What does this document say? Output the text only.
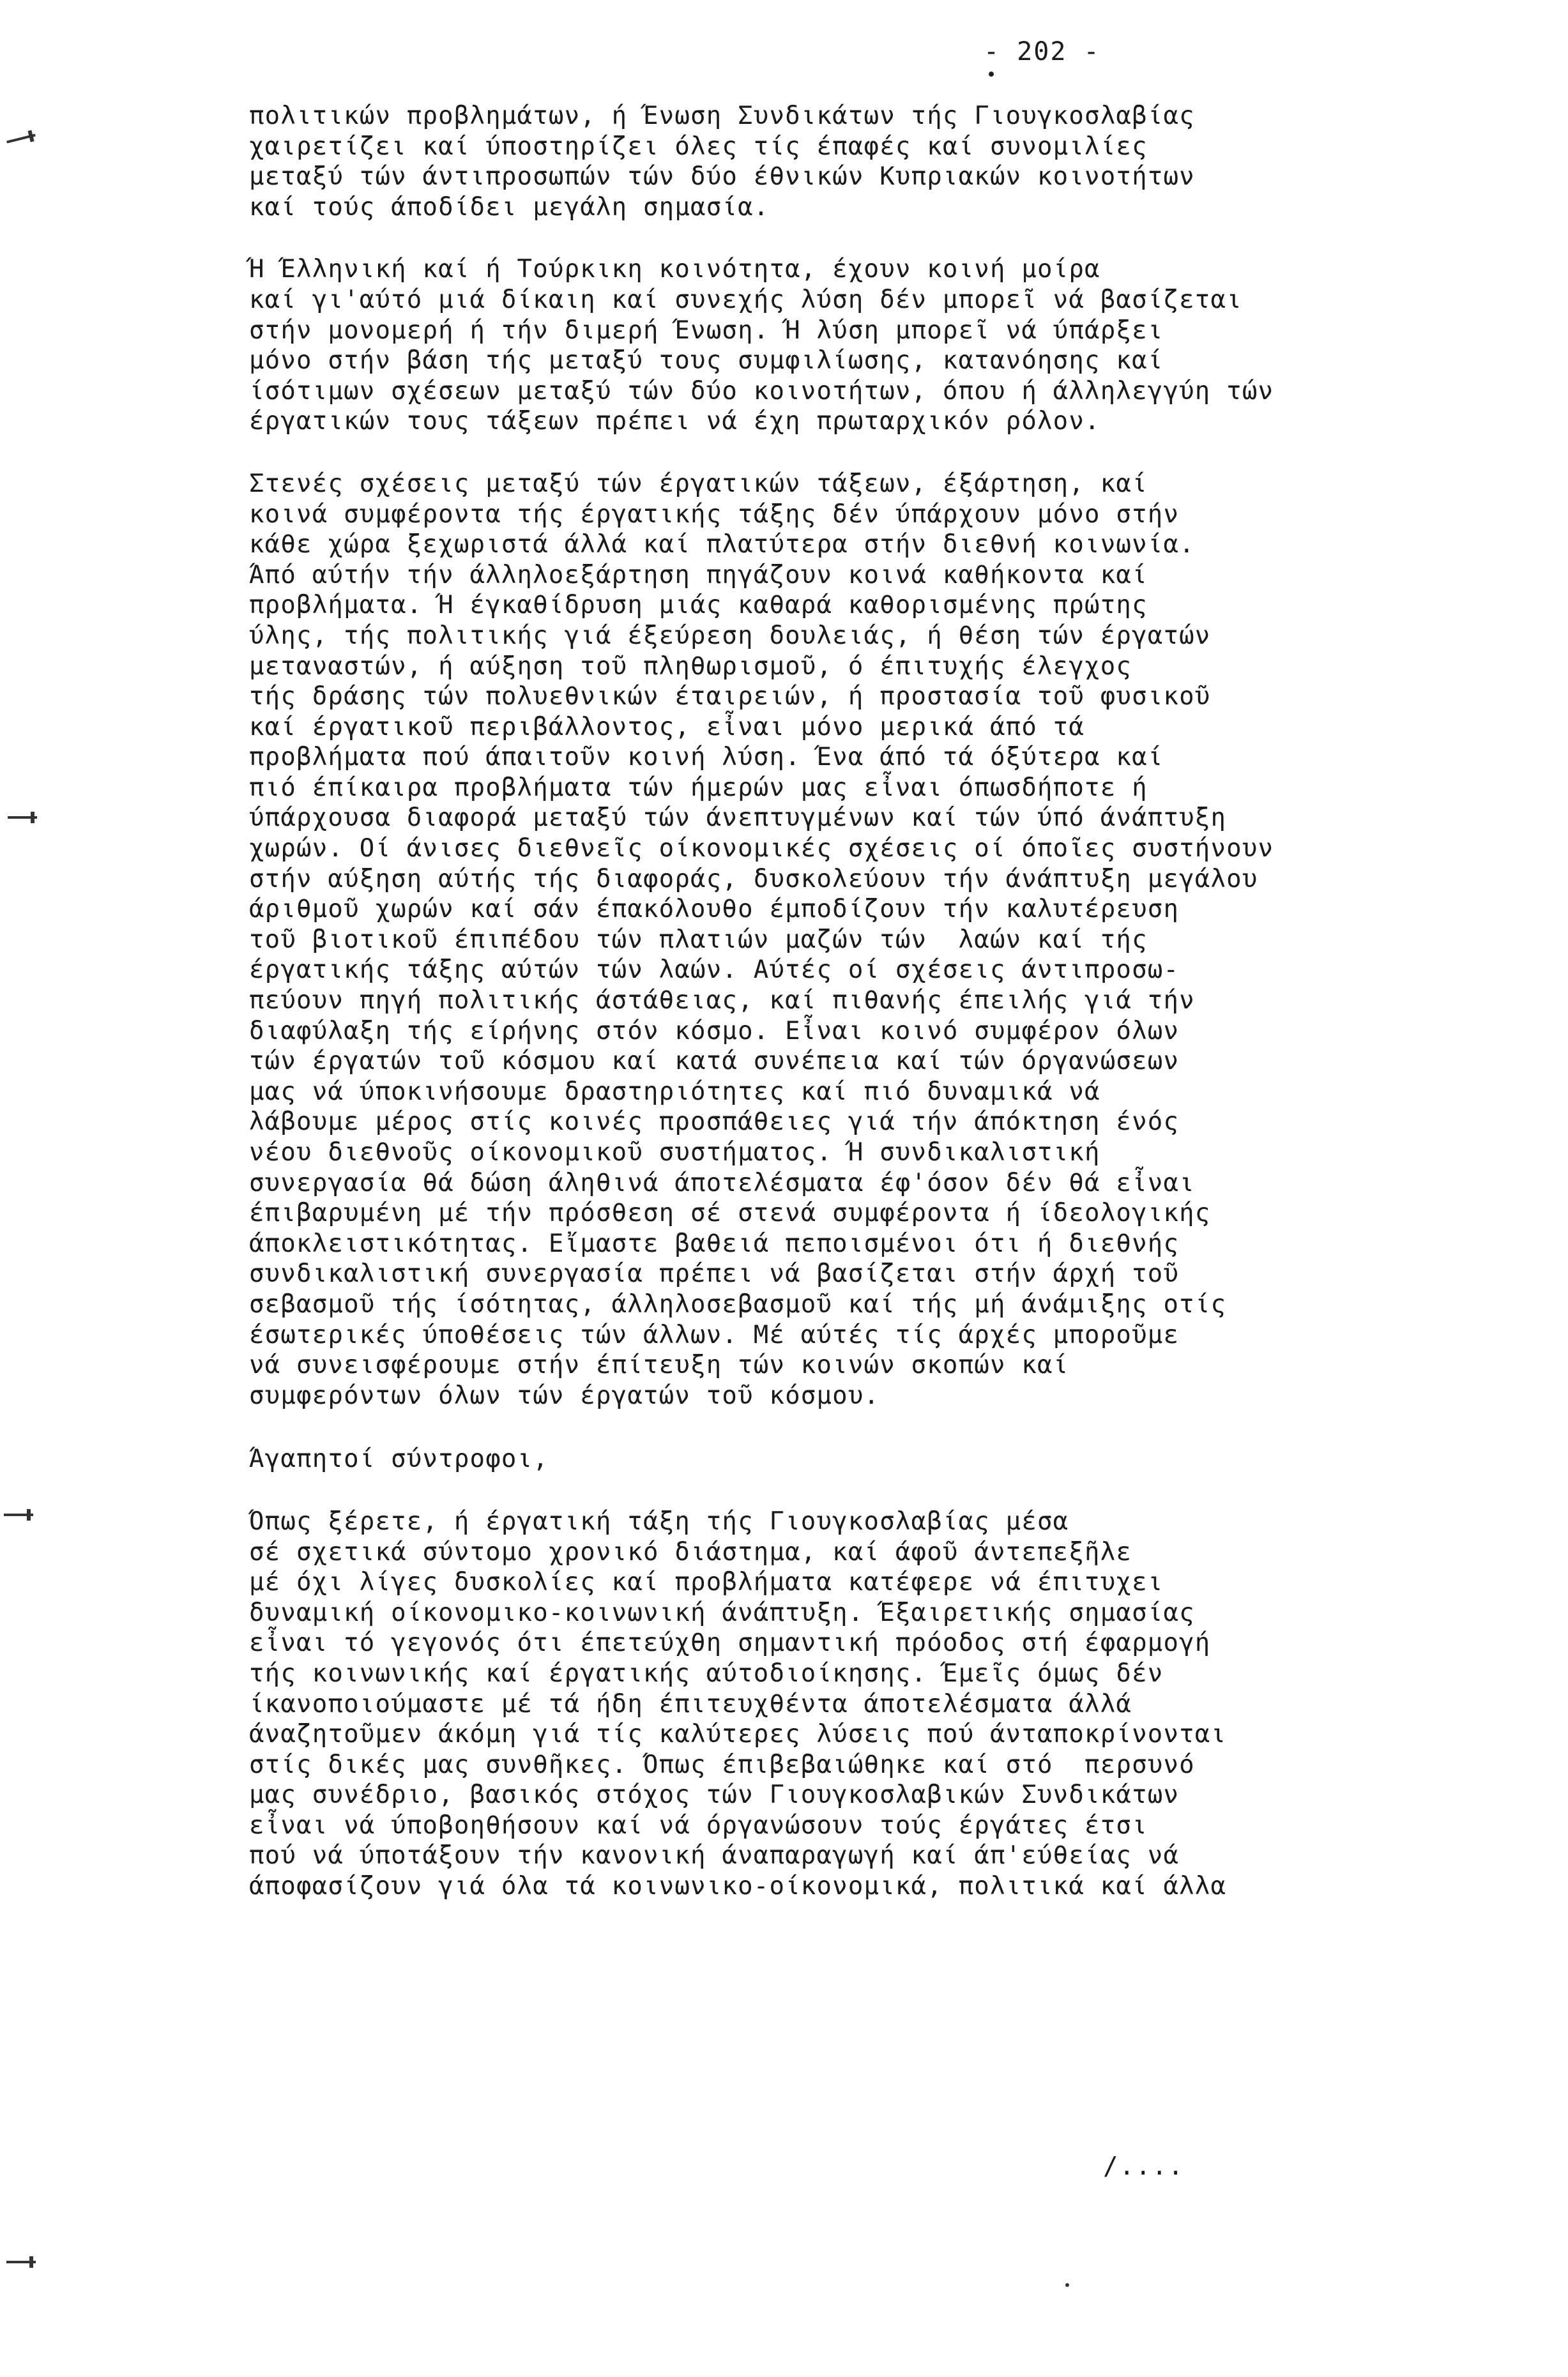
- 202 -

πολιτικών προβλημάτων, ή Ένωση Συνδικάτων τής Γιουγκοσλαβίας
χαιρετίζει καί ύποστηρίζει όλες τίς έπαφές καί συνομιλίες
μεταξύ τών άντιπροσωπών τών δύο έθνικών Κυπριακών κοινοτήτων
καί τούς άποδίδει μεγάλη σημασία.

Ή Έλληνική καί ή Τούρκικη κοινότητα, έχουν κοινή μοίρα
καί γι'αύτό μιά δίκαιη καί συνεχής λύση δέν μπορεῖ νά βασίζεται
στήν μονομερή ή τήν διμερή Ένωση. Ή λύση μπορεῖ νά ύπάρξει
μόνο στήν βάση τής μεταξύ τους συμφιλίωσης, κατανόησης καί
ίσότιμων σχέσεων μεταξύ τών δύο κοινοτήτων, όπου ή άλληλεγγύη τών
έργατικών τους τάξεων πρέπει νά έχη πρωταρχικόν ρόλον.

Στενές σχέσεις μεταξύ τών έργατικών τάξεων, έξάρτηση, καί
κοινά συμφέροντα τής έργατικής τάξης δέν ύπάρχουν μόνο στήν
κάθε χώρα ξεχωριστά άλλά καί πλατύτερα στήν διεθνή κοινωνία.
Άπό αύτήν τήν άλληλοεξάρτηση πηγάζουν κοινά καθήκοντα καί
προβλήματα. Ή έγκαθίδρυση μιάς καθαρά καθορισμένης πρώτης
ύλης, τής πολιτικής γιά έξεύρεση δουλειάς, ή θέση τών έργατών
μεταναστών, ή αύξηση τοῦ πληθωρισμοῦ, ό έπιτυχής έλεγχος
τής δράσης τών πολυεθνικών έταιρειών, ή προστασία τοῦ φυσικοῦ
καί έργατικοῦ περιβάλλοντος, εἶναι μόνο μερικά άπό τά
προβλήματα πού άπαιτοῦν κοινή λύση. Ένα άπό τά όξύτερα καί
πιό έπίκαιρα προβλήματα τών ήμερών μας εἶναι όπωσδήποτε ή
ύπάρχουσα διαφορά μεταξύ τών άνεπτυγμένων καί τών ύπό άνάπτυξη
χωρών. Οί άνισες διεθνεῖς οίκονομικές σχέσεις οί όποῖες συστήνουν
στήν αύξηση αύτής τής διαφοράς, δυσκολεύουν τήν άνάπτυξη μεγάλου
άριθμοῦ χωρών καί σάν έπακόλουθο έμποδίζουν τήν καλυτέρευση
τοῦ βιοτικοῦ έπιπέδου τών πλατιών μαζών τών  λαών καί τής
έργατικής τάξης αύτών τών λαών. Αύτές οί σχέσεις άντιπροσω-
πεύουν πηγή πολιτικής άστάθειας, καί πιθανής έπειλής γιά τήν
διαφύλαξη τής είρήνης στόν κόσμο. Εἶναι κοινό συμφέρον όλων
τών έργατών τοῦ κόσμου καί κατά συνέπεια καί τών όργανώσεων
μας νά ύποκινήσουμε δραστηριότητες καί πιό δυναμικά νά
λάβουμε μέρος στίς κοινές προσπάθειες γιά τήν άπόκτηση ένός
νέου διεθνοῦς οίκονομικοῦ συστήματος. Ή συνδικαλιστική
συνεργασία θά δώση άληθινά άποτελέσματα έφ'όσον δέν θά εἶναι
έπιβαρυμένη μέ τήν πρόσθεση σέ στενά συμφέροντα ή ίδεολογικής
άποκλειστικότητας. Εἴμαστε βαθειά πεποισμένοι ότι ή διεθνής
συνδικαλιστική συνεργασία πρέπει νά βασίζεται στήν άρχή τοῦ
σεβασμοῦ τής ίσότητας, άλληλοσεβασμοῦ καί τής μή άνάμιξης οτίς
έσωτερικές ύποθέσεις τών άλλων. Μέ αύτές τίς άρχές μποροῦμε
νά συνεισφέρουμε στήν έπίτευξη τών κοινών σκοπών καί
συμφερόντων όλων τών έργατών τοῦ κόσμου.

Άγαπητοί σύντροφοι,

Όπως ξέρετε, ή έργατική τάξη τής Γιουγκοσλαβίας μέσα
σέ σχετικά σύντομο χρονικό διάστημα, καί άφοῦ άντεπεξῆλε
μέ όχι λίγες δυσκολίες καί προβλήματα κατέφερε νά έπιτυχει
δυναμική οίκονομικο-κοινωνική άνάπτυξη. Έξαιρετικής σημασίας
εἶναι τό γεγονός ότι έπετεύχθη σημαντική πρόοδος στή έφαρμογή
τής κοινωνικής καί έργατικής αύτοδιοίκησης. Έμεῖς όμως δέν
ίκανοποιούμαστε μέ τά ήδη έπιτευχθέντα άποτελέσματα άλλά
άναζητοῦμεν άκόμη γιά τίς καλύτερες λύσεις πού άνταποκρίνονται
στίς δικές μας συνθῆκες. Όπως έπιβεβαιώθηκε καί στό  περσυνό
μας συνέδριο, βασικός στόχος τών Γιουγκοσλαβικών Συνδικάτων
εἶναι νά ύποβοηθήσουν καί νά όργανώσουν τούς έργάτες έτσι
πού νά ύποτάξουν τήν κανονική άναπαραγωγή καί άπ'εύθείας νά
άποφασίζουν γιά όλα τά κοινωνικο-οίκονομικά, πολιτικά καί άλλα

/....
